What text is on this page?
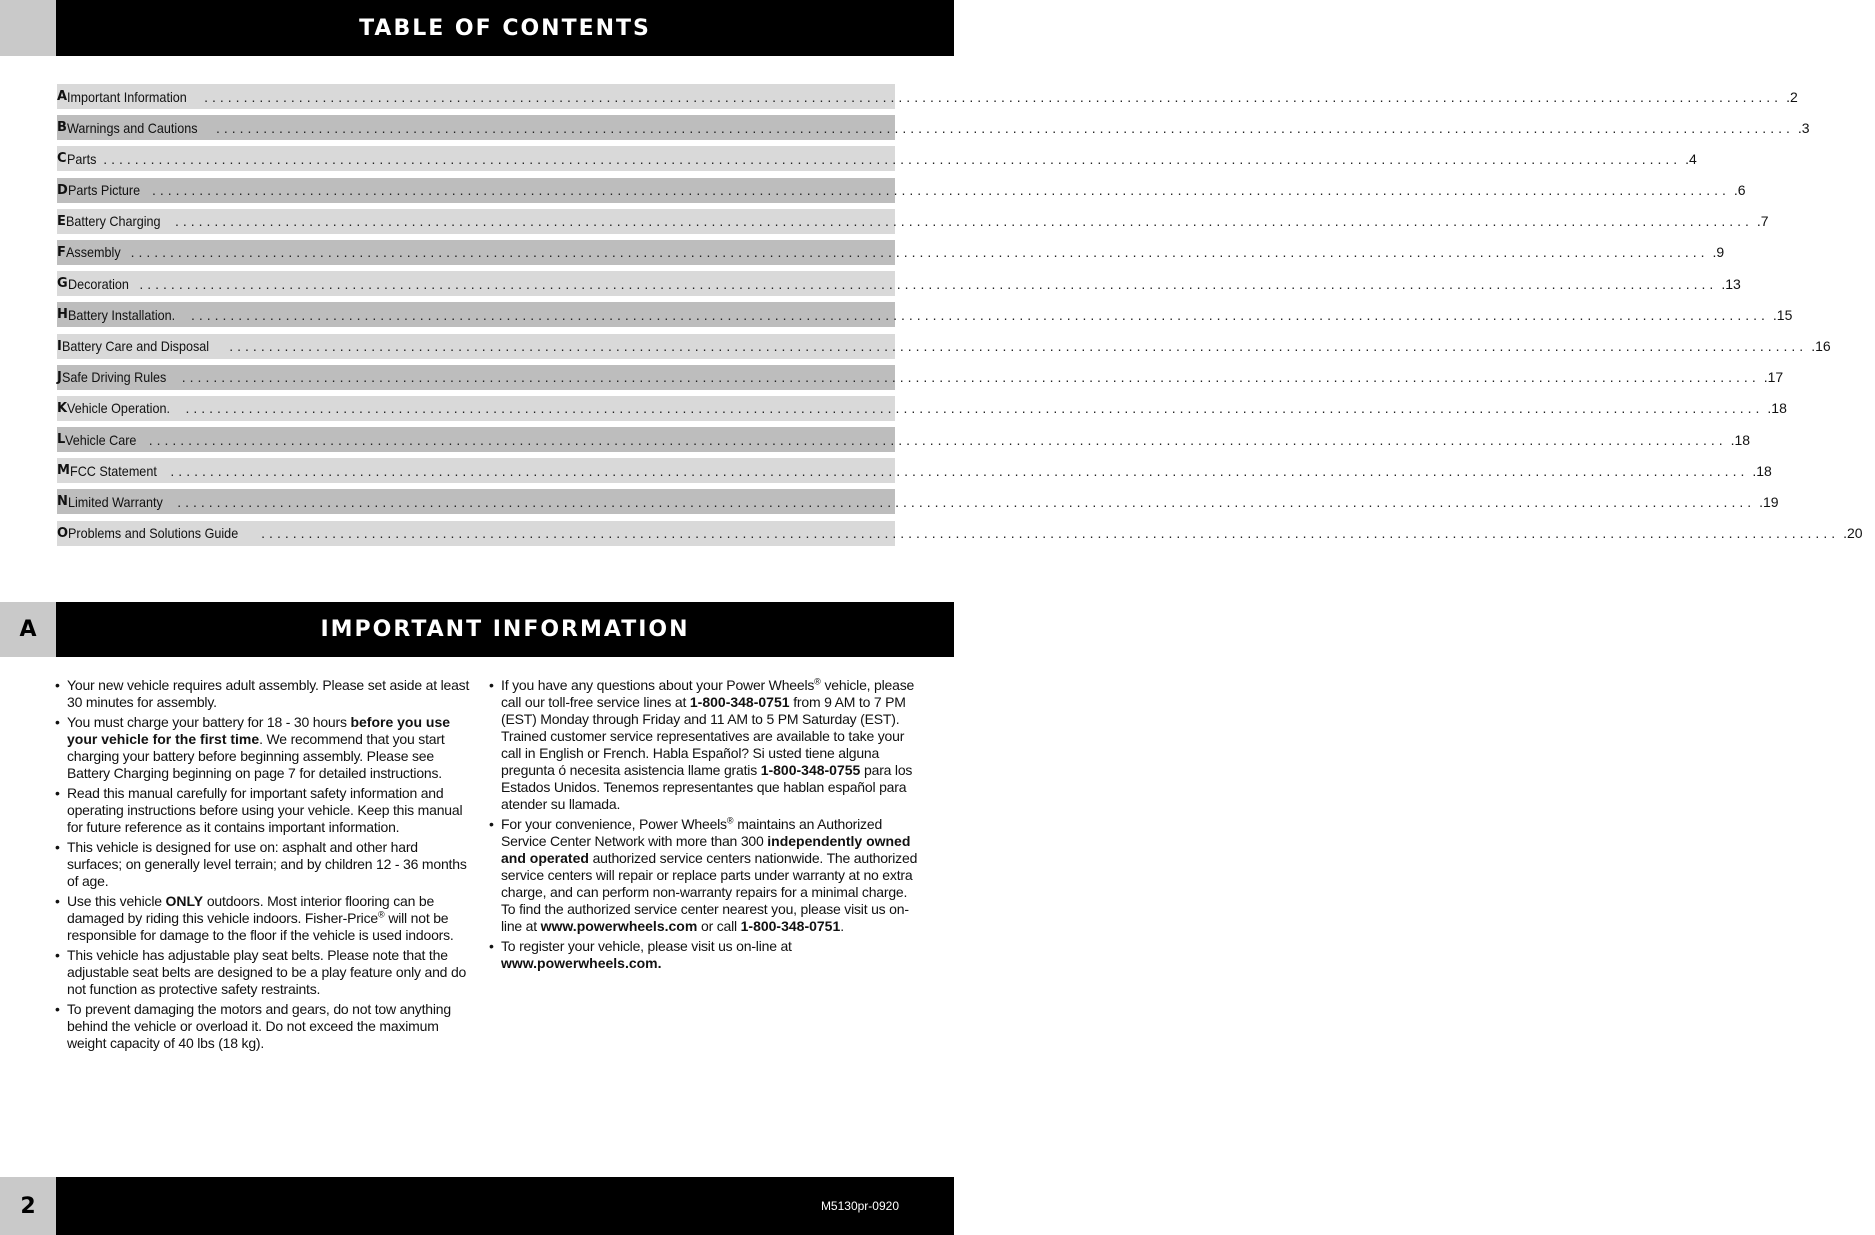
TABLE OF CONTENTS
A Important Information ........................................................................................................................................................................................................ .2
B Warnings and Cautions ........................................................................................................................................................................................................ .3
C Parts ........................................................................................................................................................................................................ .4
D Parts Picture ........................................................................................................................................................................................................ .6
E Battery Charging ........................................................................................................................................................................................................ .7
F Assembly ........................................................................................................................................................................................................ .9
G Decoration ........................................................................................................................................................................................................ .13
H Battery Installation. ........................................................................................................................................................................................................ .15
I Battery Care and Disposal ........................................................................................................................................................................................................ .16
J Safe Driving Rules ........................................................................................................................................................................................................ .17
K Vehicle Operation. ........................................................................................................................................................................................................ .18
L Vehicle Care ........................................................................................................................................................................................................ .18
M FCC Statement ........................................................................................................................................................................................................ .18
N Limited Warranty ........................................................................................................................................................................................................ .19
O Problems and Solutions Guide ........................................................................................................................................................................................................ .20
A	IMPORTANT INFORMATION
• Your new vehicle requires adult assembly. Please set aside at least 30 minutes for assembly.
• You must charge your battery for 18 - 30 hours before you use your vehicle for the first time. We recommend that you start charging your battery before beginning assembly. Please see Battery Charging beginning on page 7 for detailed instructions.
• Read this manual carefully for important safety information and operating instructions before using your vehicle. Keep this manual for future reference as it contains important information.
• This vehicle is designed for use on: asphalt and other hard surfaces; on generally level terrain; and by children 12 - 36 months of age.
• Use this vehicle ONLY outdoors. Most interior flooring can be damaged by riding this vehicle indoors. Fisher-Price® will not be responsible for damage to the floor if the vehicle is used indoors.
• This vehicle has adjustable play seat belts. Please note that the adjustable seat belts are designed to be a play feature only and do not function as protective safety restraints.
• To prevent damaging the motors and gears, do not tow anything behind the vehicle or overload it. Do not exceed the maximum weight capacity of 40 lbs (18 kg).
• If you have any questions about your Power Wheels® vehicle, please call our toll-free service lines at 1-800-348-0751 from 9 AM to 7 PM (EST) Monday through Friday and 11 AM to 5 PM Saturday (EST). Trained customer service representatives are available to take your call in English or French. Habla Español? Si usted tiene alguna pregunta ó necesita asistencia llame gratis 1-800-348-0755 para los Estados Unidos. Tenemos representantes que hablan español para atender su llamada.
• For your convenience, Power Wheels® maintains an Authorized Service Center Network with more than 300 independently owned and operated authorized service centers nationwide. The authorized service centers will repair or replace parts under warranty at no extra charge, and can perform non-warranty repairs for a minimal charge. To find the authorized service center nearest you, please visit us on-line at www.powerwheels.com or call 1-800-348-0751.
• To register your vehicle, please visit us on-line at www.powerwheels.com.
2	M5130pr-0920
